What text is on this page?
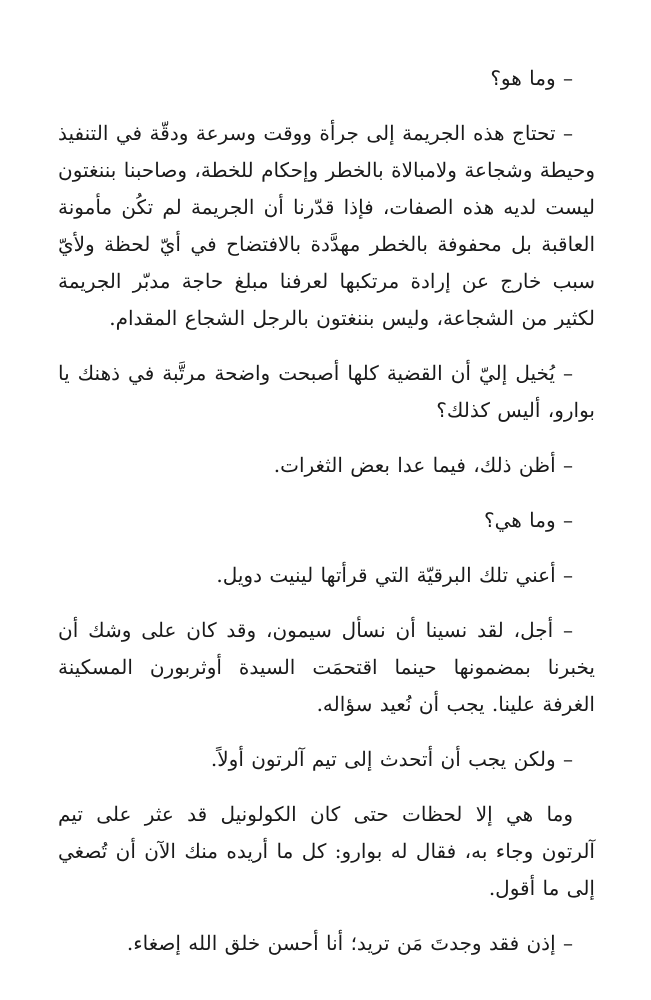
– وما هو؟

– تحتاج هذه الجريمة إلى جرأة ووقت وسرعة ودقّة في التنفيذ وحيطة وشجاعة ولامبالاة بالخطر وإحكام للخطة، وصاحبنا بننغتون ليست لديه هذه الصفات، فإذا قدّرنا أن الجريمة لم تكُن مأمونة العاقبة بل محفوفة بالخطر مهدَّدة بالافتضاح في أيّ لحظة ولأيّ سبب خارج عن إرادة مرتكبها لعرفنا مبلغ حاجة مدبّر الجريمة لكثير من الشجاعة، وليس بننغتون بالرجل الشجاع المقدام.

– يُخيل إليّ أن القضية كلها أصبحت واضحة مرتَّبة في ذهنك يا بوارو، أليس كذلك؟

– أظن ذلك، فيما عدا بعض الثغرات.

– وما هي؟

– أعني تلك البرقيّة التي قرأتها لينيت دويل.

– أجل، لقد نسينا أن نسأل سيمون، وقد كان على وشك أن يخبرنا بمضمونها حينما اقتحمَت السيدة أوثربورن المسكينة الغرفة علينا. يجب أن نُعيد سؤاله.

– ولكن يجب أن أتحدث إلى تيم آلرتون أولاً.

وما هي إلا لحظات حتى كان الكولونيل قد عثر على تيم آلرتون وجاء به، فقال له بوارو: كل ما أريده منك الآن أن تُصغي إلى ما أقول.

– إذن فقد وجدتَ مَن تريد؛ أنا أحسن خلق الله إصغاء.
